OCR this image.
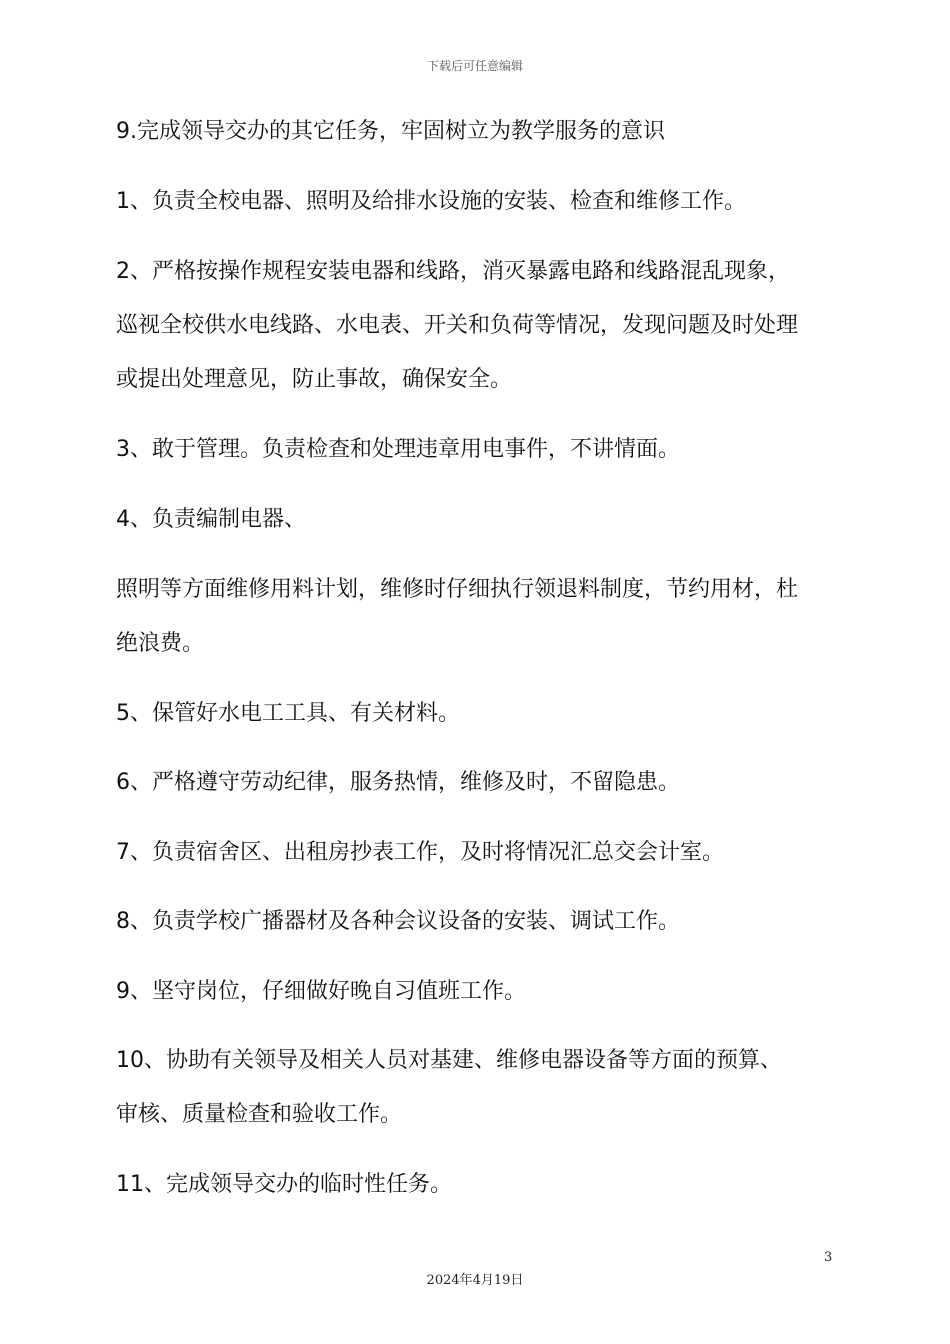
下载后可任意编辑
9.完成领导交办的其它任务，牢固树立为教学服务的意识
1、负责全校电器、照明及给排水设施的安装、检查和维修工作。
2、严格按操作规程安装电器和线路，消灭暴露电路和线路混乱现象，
巡视全校供水电线路、水电表、开关和负荷等情况，发现问题及时处理
或提出处理意见，防止事故，确保安全。
3、敢于管理。负责检查和处理违章用电事件，不讲情面。
4、负责编制电器、
照明等方面维修用料计划，维修时仔细执行领退料制度，节约用材，杜
绝浪费。
5、保管好水电工工具、有关材料。
6、严格遵守劳动纪律，服务热情，维修及时，不留隐患。
7、负责宿舍区、出租房抄表工作，及时将情况汇总交会计室。
8、负责学校广播器材及各种会议设备的安装、调试工作。
9、坚守岗位，仔细做好晚自习值班工作。
10、协助有关领导及相关人员对基建、维修电器设备等方面的预算、
审核、质量检查和验收工作。
11、完成领导交办的临时性任务。
3
2024年4月19日
